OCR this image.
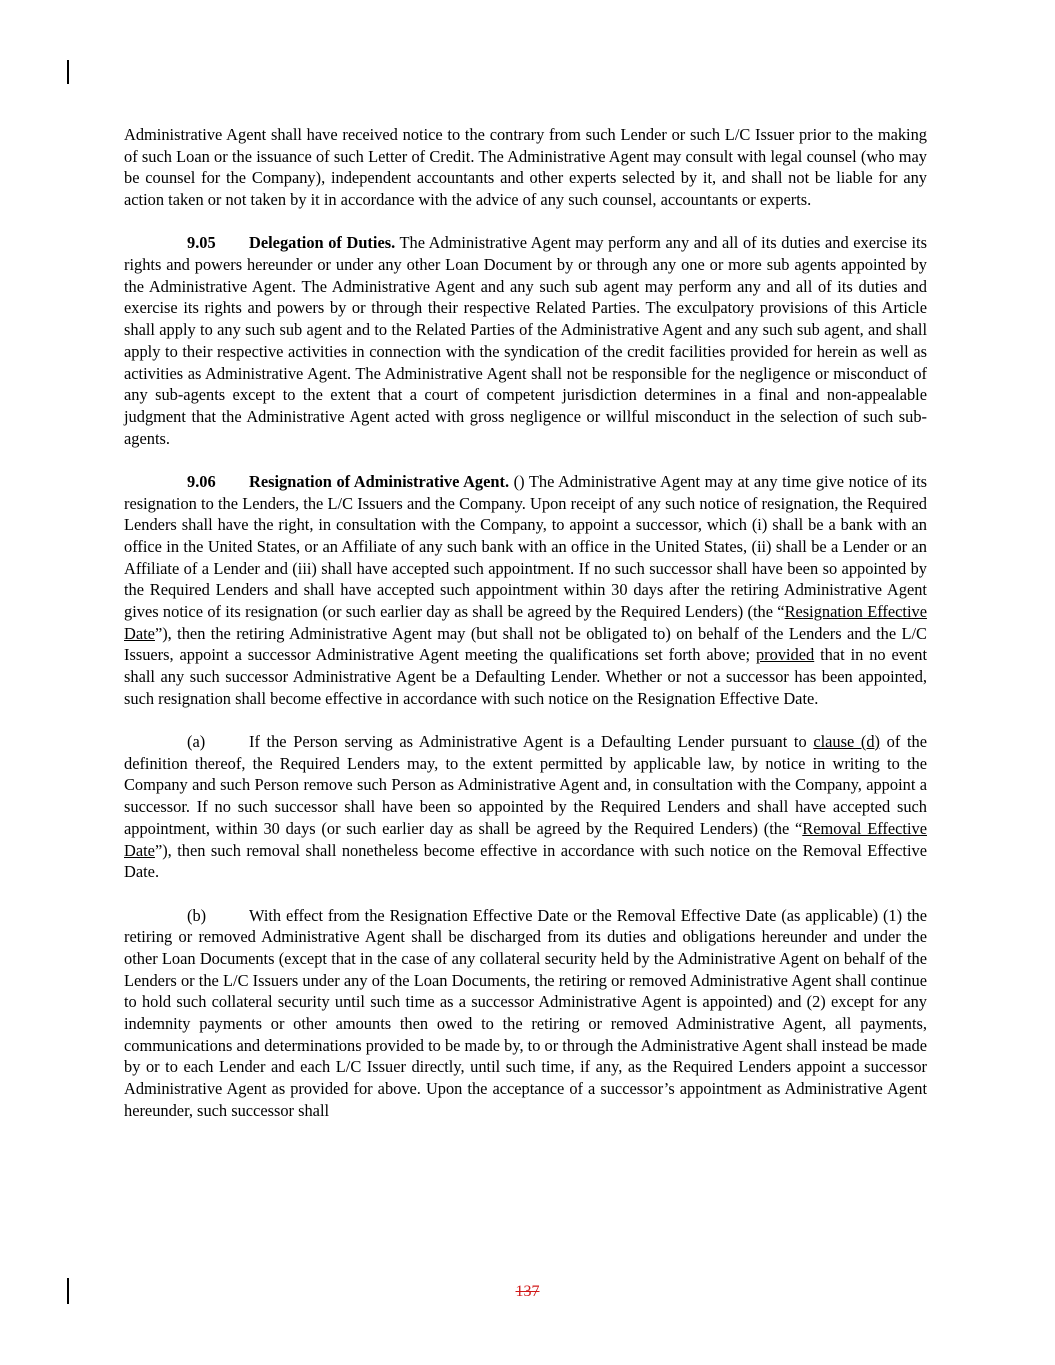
Administrative Agent shall have received notice to the contrary from such Lender or such L/C Issuer prior to the making of such Loan or the issuance of such Letter of Credit. The Administrative Agent may consult with legal counsel (who may be counsel for the Company), independent accountants and other experts selected by it, and shall not be liable for any action taken or not taken by it in accordance with the advice of any such counsel, accountants or experts.

9.05 Delegation of Duties. The Administrative Agent may perform any and all of its duties and exercise its rights and powers hereunder or under any other Loan Document by or through any one or more sub agents appointed by the Administrative Agent. The Administrative Agent and any such sub agent may perform any and all of its duties and exercise its rights and powers by or through their respective Related Parties. The exculpatory provisions of this Article shall apply to any such sub agent and to the Related Parties of the Administrative Agent and any such sub agent, and shall apply to their respective activities in connection with the syndication of the credit facilities provided for herein as well as activities as Administrative Agent. The Administrative Agent shall not be responsible for the negligence or misconduct of any sub-agents except to the extent that a court of competent jurisdiction determines in a final and non-appealable judgment that the Administrative Agent acted with gross negligence or willful misconduct in the selection of such sub-agents.

9.06 Resignation of Administrative Agent. () The Administrative Agent may at any time give notice of its resignation to the Lenders, the L/C Issuers and the Company. Upon receipt of any such notice of resignation, the Required Lenders shall have the right, in consultation with the Company, to appoint a successor, which (i) shall be a bank with an office in the United States, or an Affiliate of any such bank with an office in the United States, (ii) shall be a Lender or an Affiliate of a Lender and (iii) shall have accepted such appointment. If no such successor shall have been so appointed by the Required Lenders and shall have accepted such appointment within 30 days after the retiring Administrative Agent gives notice of its resignation (or such earlier day as shall be agreed by the Required Lenders) (the “Resignation Effective Date”), then the retiring Administrative Agent may (but shall not be obligated to) on behalf of the Lenders and the L/C Issuers, appoint a successor Administrative Agent meeting the qualifications set forth above; provided that in no event shall any such successor Administrative Agent be a Defaulting Lender. Whether or not a successor has been appointed, such resignation shall become effective in accordance with such notice on the Resignation Effective Date.

(a)	If the Person serving as Administrative Agent is a Defaulting Lender pursuant to clause (d) of the definition thereof, the Required Lenders may, to the extent permitted by applicable law, by notice in writing to the Company and such Person remove such Person as Administrative Agent and, in consultation with the Company, appoint a successor. If no such successor shall have been so appointed by the Required Lenders and shall have accepted such appointment, within 30 days (or such earlier day as shall be agreed by the Required Lenders) (the “Removal Effective Date”), then such removal shall nonetheless become effective in accordance with such notice on the Removal Effective Date.

(b)	With effect from the Resignation Effective Date or the Removal Effective Date (as applicable) (1) the retiring or removed Administrative Agent shall be discharged from its duties and obligations hereunder and under the other Loan Documents (except that in the case of any collateral security held by the Administrative Agent on behalf of the Lenders or the L/C Issuers under any of the Loan Documents, the retiring or removed Administrative Agent shall continue to hold such collateral security until such time as a successor Administrative Agent is appointed) and (2) except for any indemnity payments or other amounts then owed to the retiring or removed Administrative Agent, all payments, communications and determinations provided to be made by, to or through the Administrative Agent shall instead be made by or to each Lender and each L/C Issuer directly, until such time, if any, as the Required Lenders appoint a successor Administrative Agent as provided for above. Upon the acceptance of a successor’s appointment as Administrative Agent hereunder, such successor shall

137
